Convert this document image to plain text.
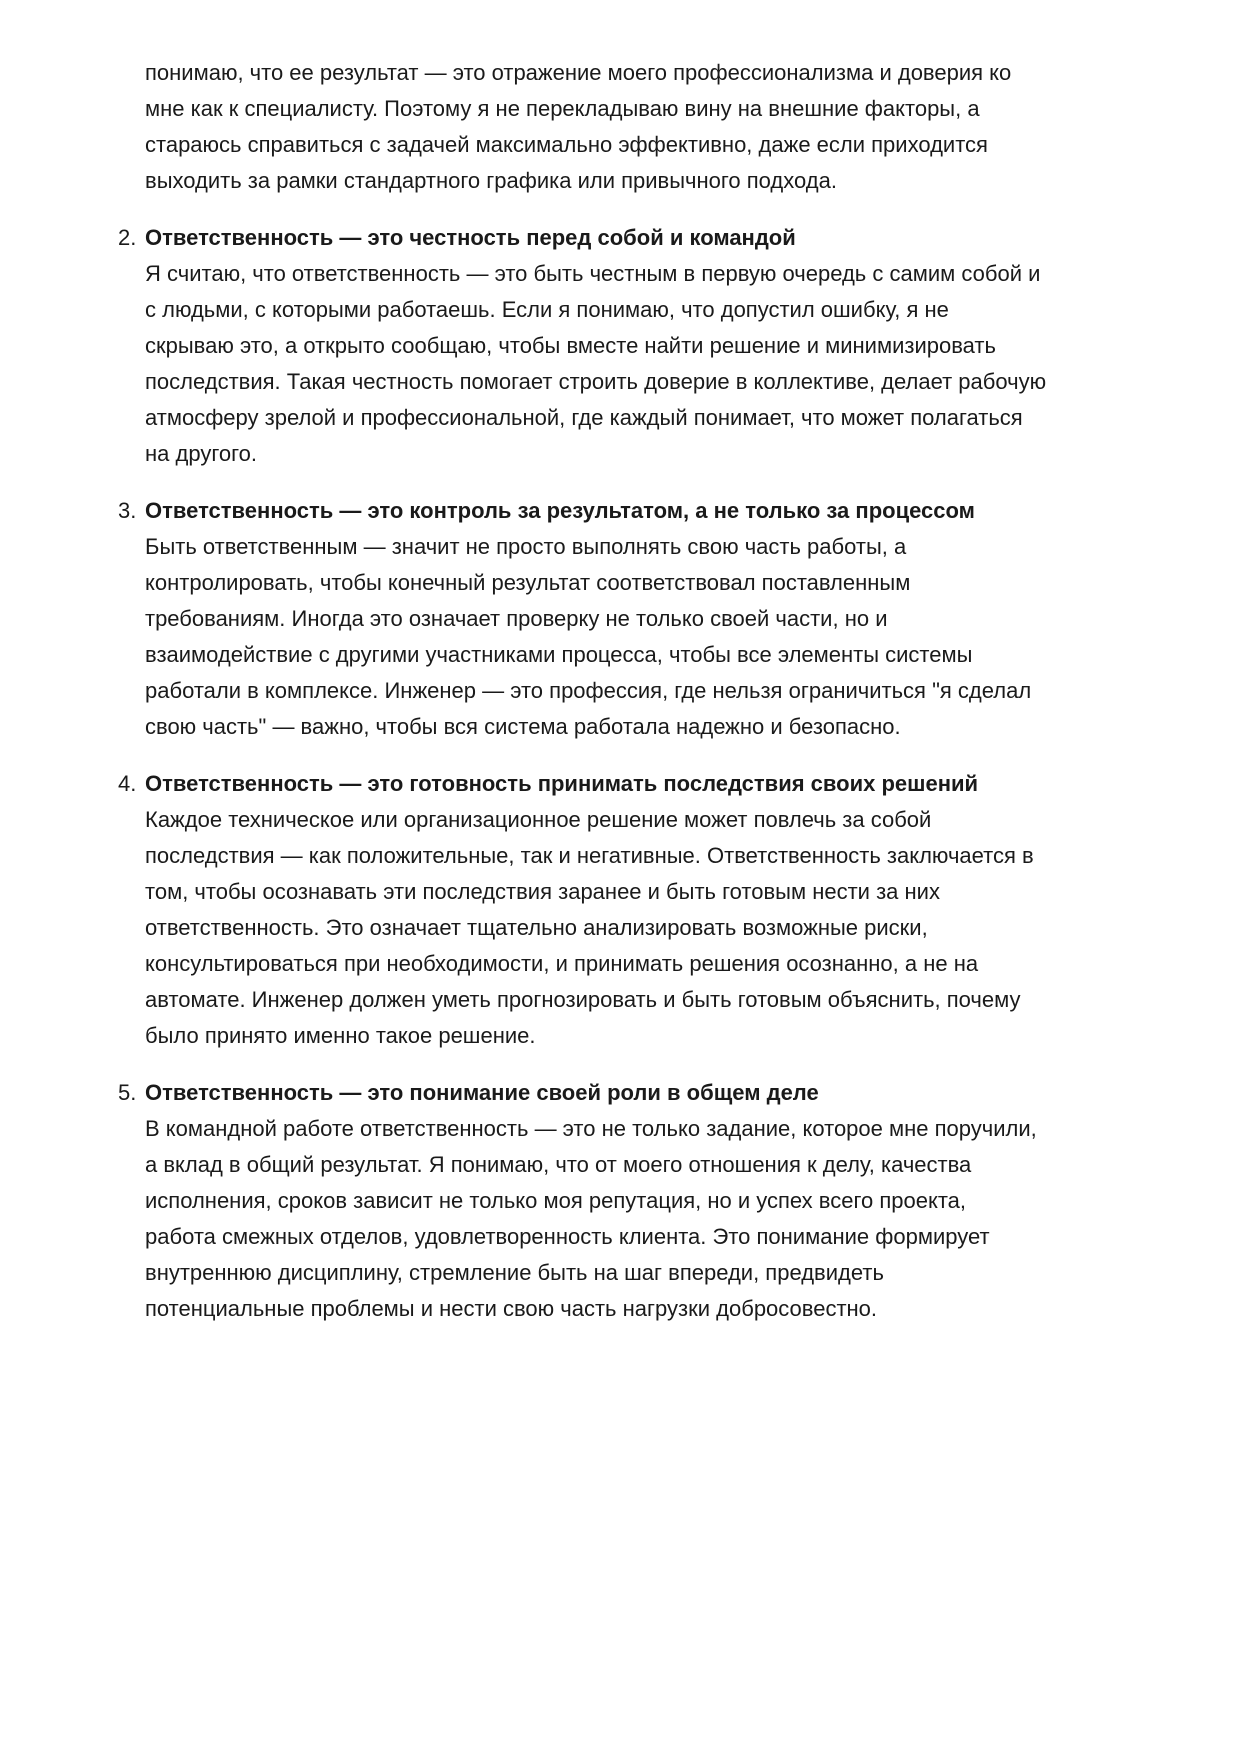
понимаю, что ее результат — это отражение моего профессионализма и доверия ко
мне как к специалисту. Поэтому я не перекладываю вину на внешние факторы, а
стараюсь справиться с задачей максимально эффективно, даже если приходится
выходить за рамки стандартного графика или привычного подхода.
2. Ответственность — это честность перед собой и командой
Я считаю, что ответственность — это быть честным в первую очередь с самим собой и
с людьми, с которыми работаешь. Если я понимаю, что допустил ошибку, я не
скрываю это, а открыто сообщаю, чтобы вместе найти решение и минимизировать
последствия. Такая честность помогает строить доверие в коллективе, делает рабочую
атмосферу зрелой и профессиональной, где каждый понимает, что может полагаться
на другого.
3. Ответственность — это контроль за результатом, а не только за процессом
Быть ответственным — значит не просто выполнять свою часть работы, а
контролировать, чтобы конечный результат соответствовал поставленным
требованиям. Иногда это означает проверку не только своей части, но и
взаимодействие с другими участниками процесса, чтобы все элементы системы
работали в комплексе. Инженер — это профессия, где нельзя ограничиться "я сделал
свою часть" — важно, чтобы вся система работала надежно и безопасно.
4. Ответственность — это готовность принимать последствия своих решений
Каждое техническое или организационное решение может повлечь за собой
последствия — как положительные, так и негативные. Ответственность заключается в
том, чтобы осознавать эти последствия заранее и быть готовым нести за них
ответственность. Это означает тщательно анализировать возможные риски,
консультироваться при необходимости, и принимать решения осознанно, а не на
автомате. Инженер должен уметь прогнозировать и быть готовым объяснить, почему
было принято именно такое решение.
5. Ответственность — это понимание своей роли в общем деле
В командной работе ответственность — это не только задание, которое мне поручили,
а вклад в общий результат. Я понимаю, что от моего отношения к делу, качества
исполнения, сроков зависит не только моя репутация, но и успех всего проекта,
работа смежных отделов, удовлетворенность клиента. Это понимание формирует
внутреннюю дисциплину, стремление быть на шаг впереди, предвидеть
потенциальные проблемы и нести свою часть нагрузки добросовестно.
